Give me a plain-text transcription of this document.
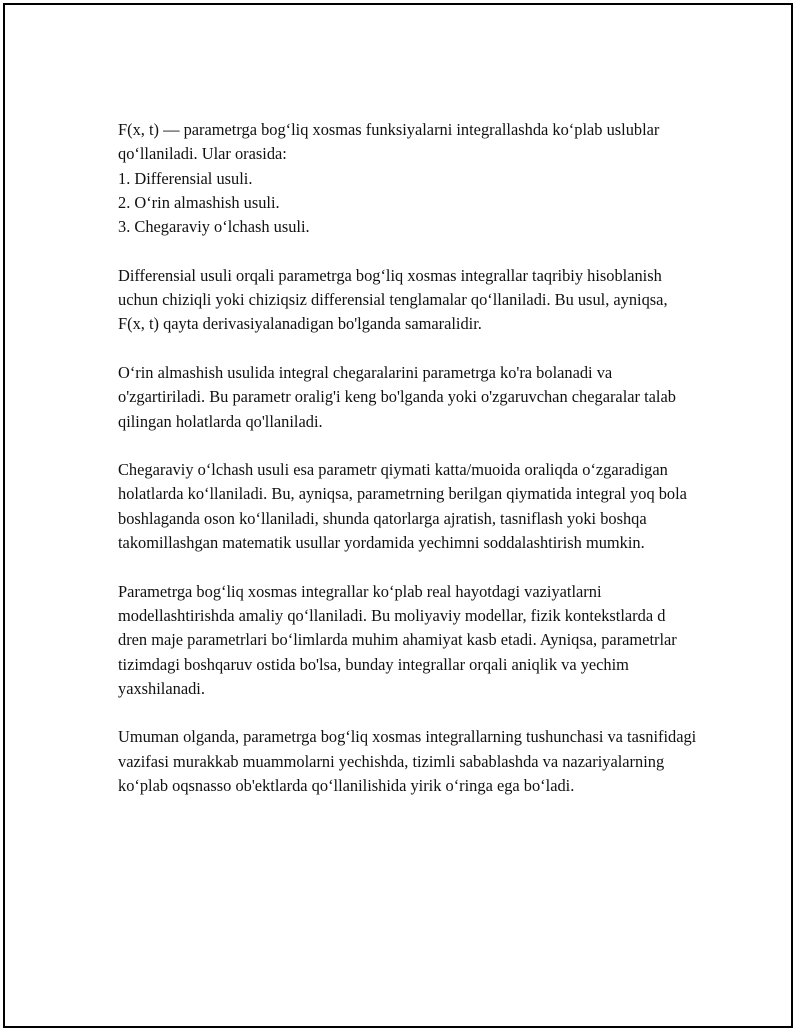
F(x, t) — parametrga bog‘liq xosmas funksiyalarni integrallashda ko‘plab uslublar qo‘llaniladi. Ular orasida:

1. Differensial usuli.

2. O‘rin almashish usuli.

3. Chegaraviy o‘lchash usuli.

Differensial usuli orqali parametrga bog‘liq xosmas integrallar taqribiy hisoblanish uchun chiziqli yoki chiziqsiz differensial tenglamalar qo‘llaniladi. Bu usul, ayniqsa, F(x, t) qayta derivasiyalanadigan bo'lganda samaralidir.

O‘rin almashish usulida integral chegaralarini parametrga ko'ra bolanadi va o'zgartiriladi. Bu parametr oralig'i keng bo'lganda yoki o'zgaruvchan chegaralar talab qilingan holatlarda qo'llaniladi.

Chegaraviy o‘lchash usuli esa parametr qiymati katta/muoida oraliqda o‘zgaradigan holatlarda ko‘llaniladi. Bu, ayniqsa, parametrning berilgan qiymatida integral yoq bola boshlaganda oson ko‘llaniladi, shunda qatorlarga ajratish, tasniflash yoki boshqa takomillashgan matematik usullar yordamida yechimni soddalashtirish mumkin.

Parametrga bog‘liq xosmas integrallar ko‘plab real hayotdagi vaziyatlarni modellashtirishda amaliy qo‘llaniladi. Bu moliyaviy modellar, fizik kontekstlarda d dren maje parametrlari bo‘limlarda muhim ahamiyat kasb etadi. Ayniqsa, parametrlar tizimdagi boshqaruv ostida bo'lsa, bunday integrallar orqali aniqlik va yechim yaxshilanadi.

Umuman olganda, parametrga bog‘liq xosmas integrallarning tushunchasi va tasnifidagi vazifasi murakkab muammolarni yechishda, tizimli sabablashda va nazariyalarning ko‘plab oqsnasso ob'ektlarda qo‘llanilishida yirik o‘ringa ega bo‘ladi.
